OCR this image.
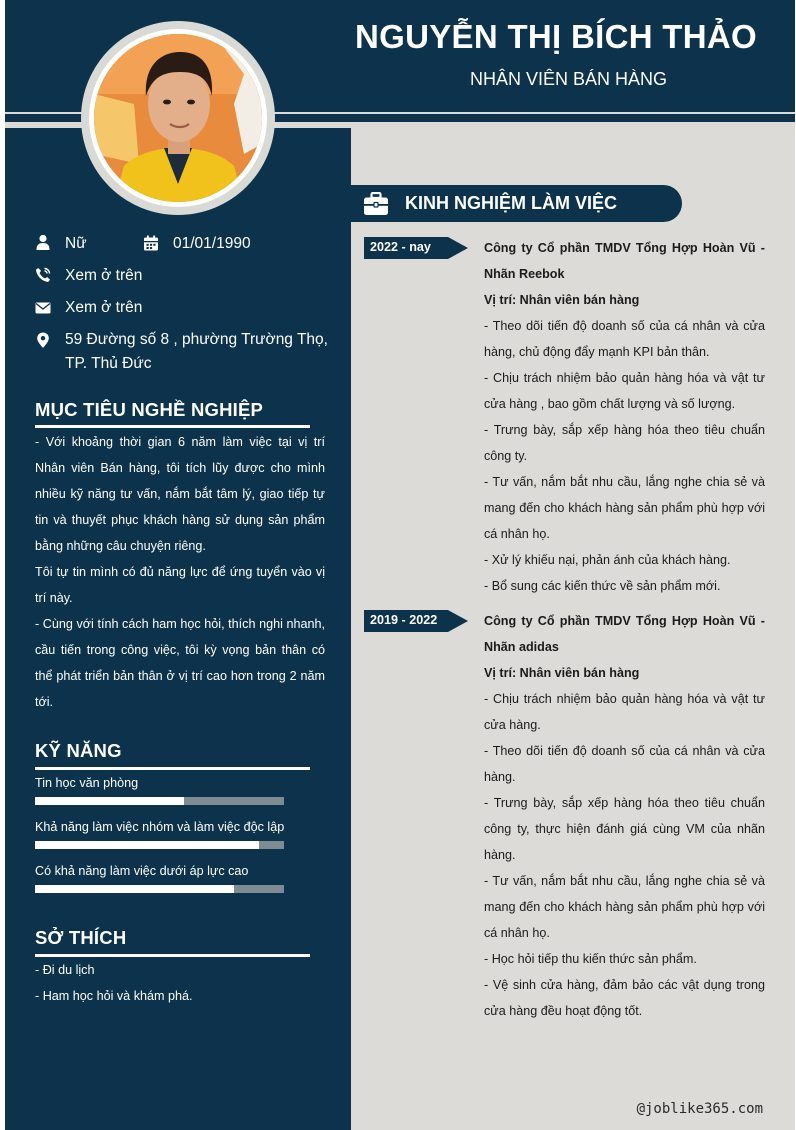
NGUYỄN THỊ BÍCH THẢO
NHÂN VIÊN BÁN HÀNG
Nữ	01/01/1990
Xem ở trên
Xem ở trên
59 Đường số 8 , phường Trường Thọ, TP. Thủ Đức
MỤC TIÊU NGHỀ NGHIỆP

- Với khoảng thời gian 6 năm làm việc tại vị trí Nhân viên Bán hàng, tôi tích lũy được cho mình nhiều kỹ năng tư vấn, nắm bắt tâm lý, giao tiếp tự tin và thuyết phục khách hàng sử dụng sản phẩm bằng những câu chuyện riêng.

Tôi tự tin mình có đủ năng lực để ứng tuyển vào vị trí này.

- Cùng với tính cách ham học hỏi, thích nghi nhanh, cầu tiến trong công việc, tôi kỳ vọng bản thân có thể phát triển bản thân ở vị trí cao hơn trong 2 năm tới.

KỸ NĂNG
Tin học văn phòng
Khả năng làm việc nhóm và làm việc độc lập
Có khả năng làm việc dưới áp lực cao
SỞ THÍCH

- Đi du lịch

- Ham học hỏi và khám phá.

KINH NGHIỆM LÀM VIỆC
2022 - nay	Công ty Cổ phần TMDV Tổng Hợp Hoàn Vũ - Nhãn Reebok
Vị trí: Nhân viên bán hàng
- Theo dõi tiến độ doanh số của cá nhân và cửa hàng, chủ động đẩy mạnh KPI bản thân.
- Chịu trách nhiệm bảo quản hàng hóa và vật tư cửa hàng , bao gồm chất lượng và số lượng.
- Trưng bày, sắp xếp hàng hóa theo tiêu chuẩn công ty.
- Tư vấn, nắm bắt nhu cầu, lắng nghe chia sẻ và mang đến cho khách hàng sản phẩm phù hợp với cá nhân họ.
- Xử lý khiếu nại, phản ánh của khách hàng.
- Bổ sung các kiến thức về sản phẩm mới.
2019 - 2022	Công ty Cổ phần TMDV Tổng Hợp Hoàn Vũ - Nhãn adidas
Vị trí: Nhân viên bán hàng
- Chịu trách nhiệm bảo quản hàng hóa và vật tư cửa hàng.
- Theo dõi tiến độ doanh số của cá nhân và cửa hàng.
- Trưng bày, sắp xếp hàng hóa theo tiêu chuẩn công ty, thực hiện đánh giá cùng VM của nhãn hàng.
- Tư vấn, nắm bắt nhu cầu, lắng nghe chia sẻ và mang đến cho khách hàng sản phẩm phù hợp với cá nhân họ.
- Học hỏi tiếp thu kiến thức sản phẩm.
- Vệ sinh cửa hàng, đảm bảo các vật dụng trong cửa hàng đều hoạt động tốt.
@joblike365.com
